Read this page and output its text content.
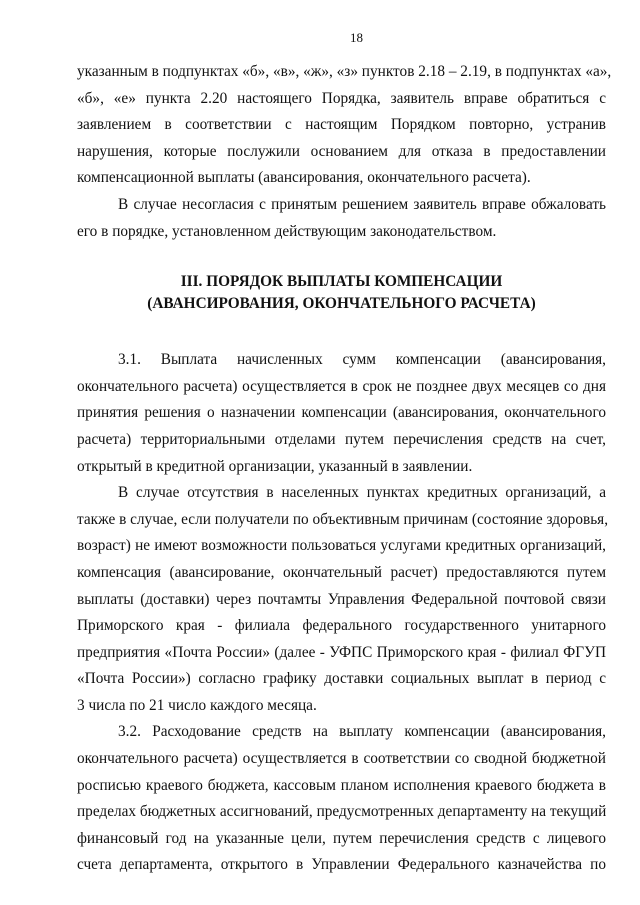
18

указанным в подпунктах «б», «в», «ж», «з» пунктов 2.18 – 2.19, в подпунктах «а»,
«б», «е» пункта 2.20 настоящего Порядка, заявитель вправе обратиться с
заявлением в соответствии с настоящим Порядком повторно, устранив
нарушения, которые послужили основанием для отказа в предоставлении
компенсационной выплаты (авансирования, окончательного расчета).

В случае несогласия с принятым решением заявитель вправе обжаловать
его в порядке, установленном действующим законодательством.

III. ПОРЯДОК ВЫПЛАТЫ КОМПЕНСАЦИИ
(АВАНСИРОВАНИЯ, ОКОНЧАТЕЛЬНОГО РАСЧЕТА)

3.1. Выплата начисленных сумм компенсации (авансирования,
окончательного расчета) осуществляется в срок не позднее двух месяцев со дня
принятия решения о назначении компенсации (авансирования, окончательного
расчета) территориальными отделами путем перечисления средств на счет,
открытый в кредитной организации, указанный в заявлении.

В случае отсутствия в населенных пунктах кредитных организаций, а
также в случае, если получатели по объективным причинам (состояние здоровья,
возраст) не имеют возможности пользоваться услугами кредитных организаций,
компенсация (авансирование, окончательный расчет) предоставляются путем
выплаты (доставки) через почтамты Управления Федеральной почтовой связи
Приморского края - филиала федерального государственного унитарного
предприятия «Почта России» (далее - УФПС Приморского края - филиал ФГУП
«Почта России») согласно графику доставки социальных выплат в период с
3 числа по 21 число каждого месяца.

3.2. Расходование средств на выплату компенсации (авансирования,
окончательного расчета) осуществляется в соответствии со сводной бюджетной
росписью краевого бюджета, кассовым планом исполнения краевого бюджета в
пределах бюджетных ассигнований, предусмотренных департаменту на текущий
финансовый год на указанные цели, путем перечисления средств с лицевого
счета департамента, открытого в Управлении Федерального казначейства по
